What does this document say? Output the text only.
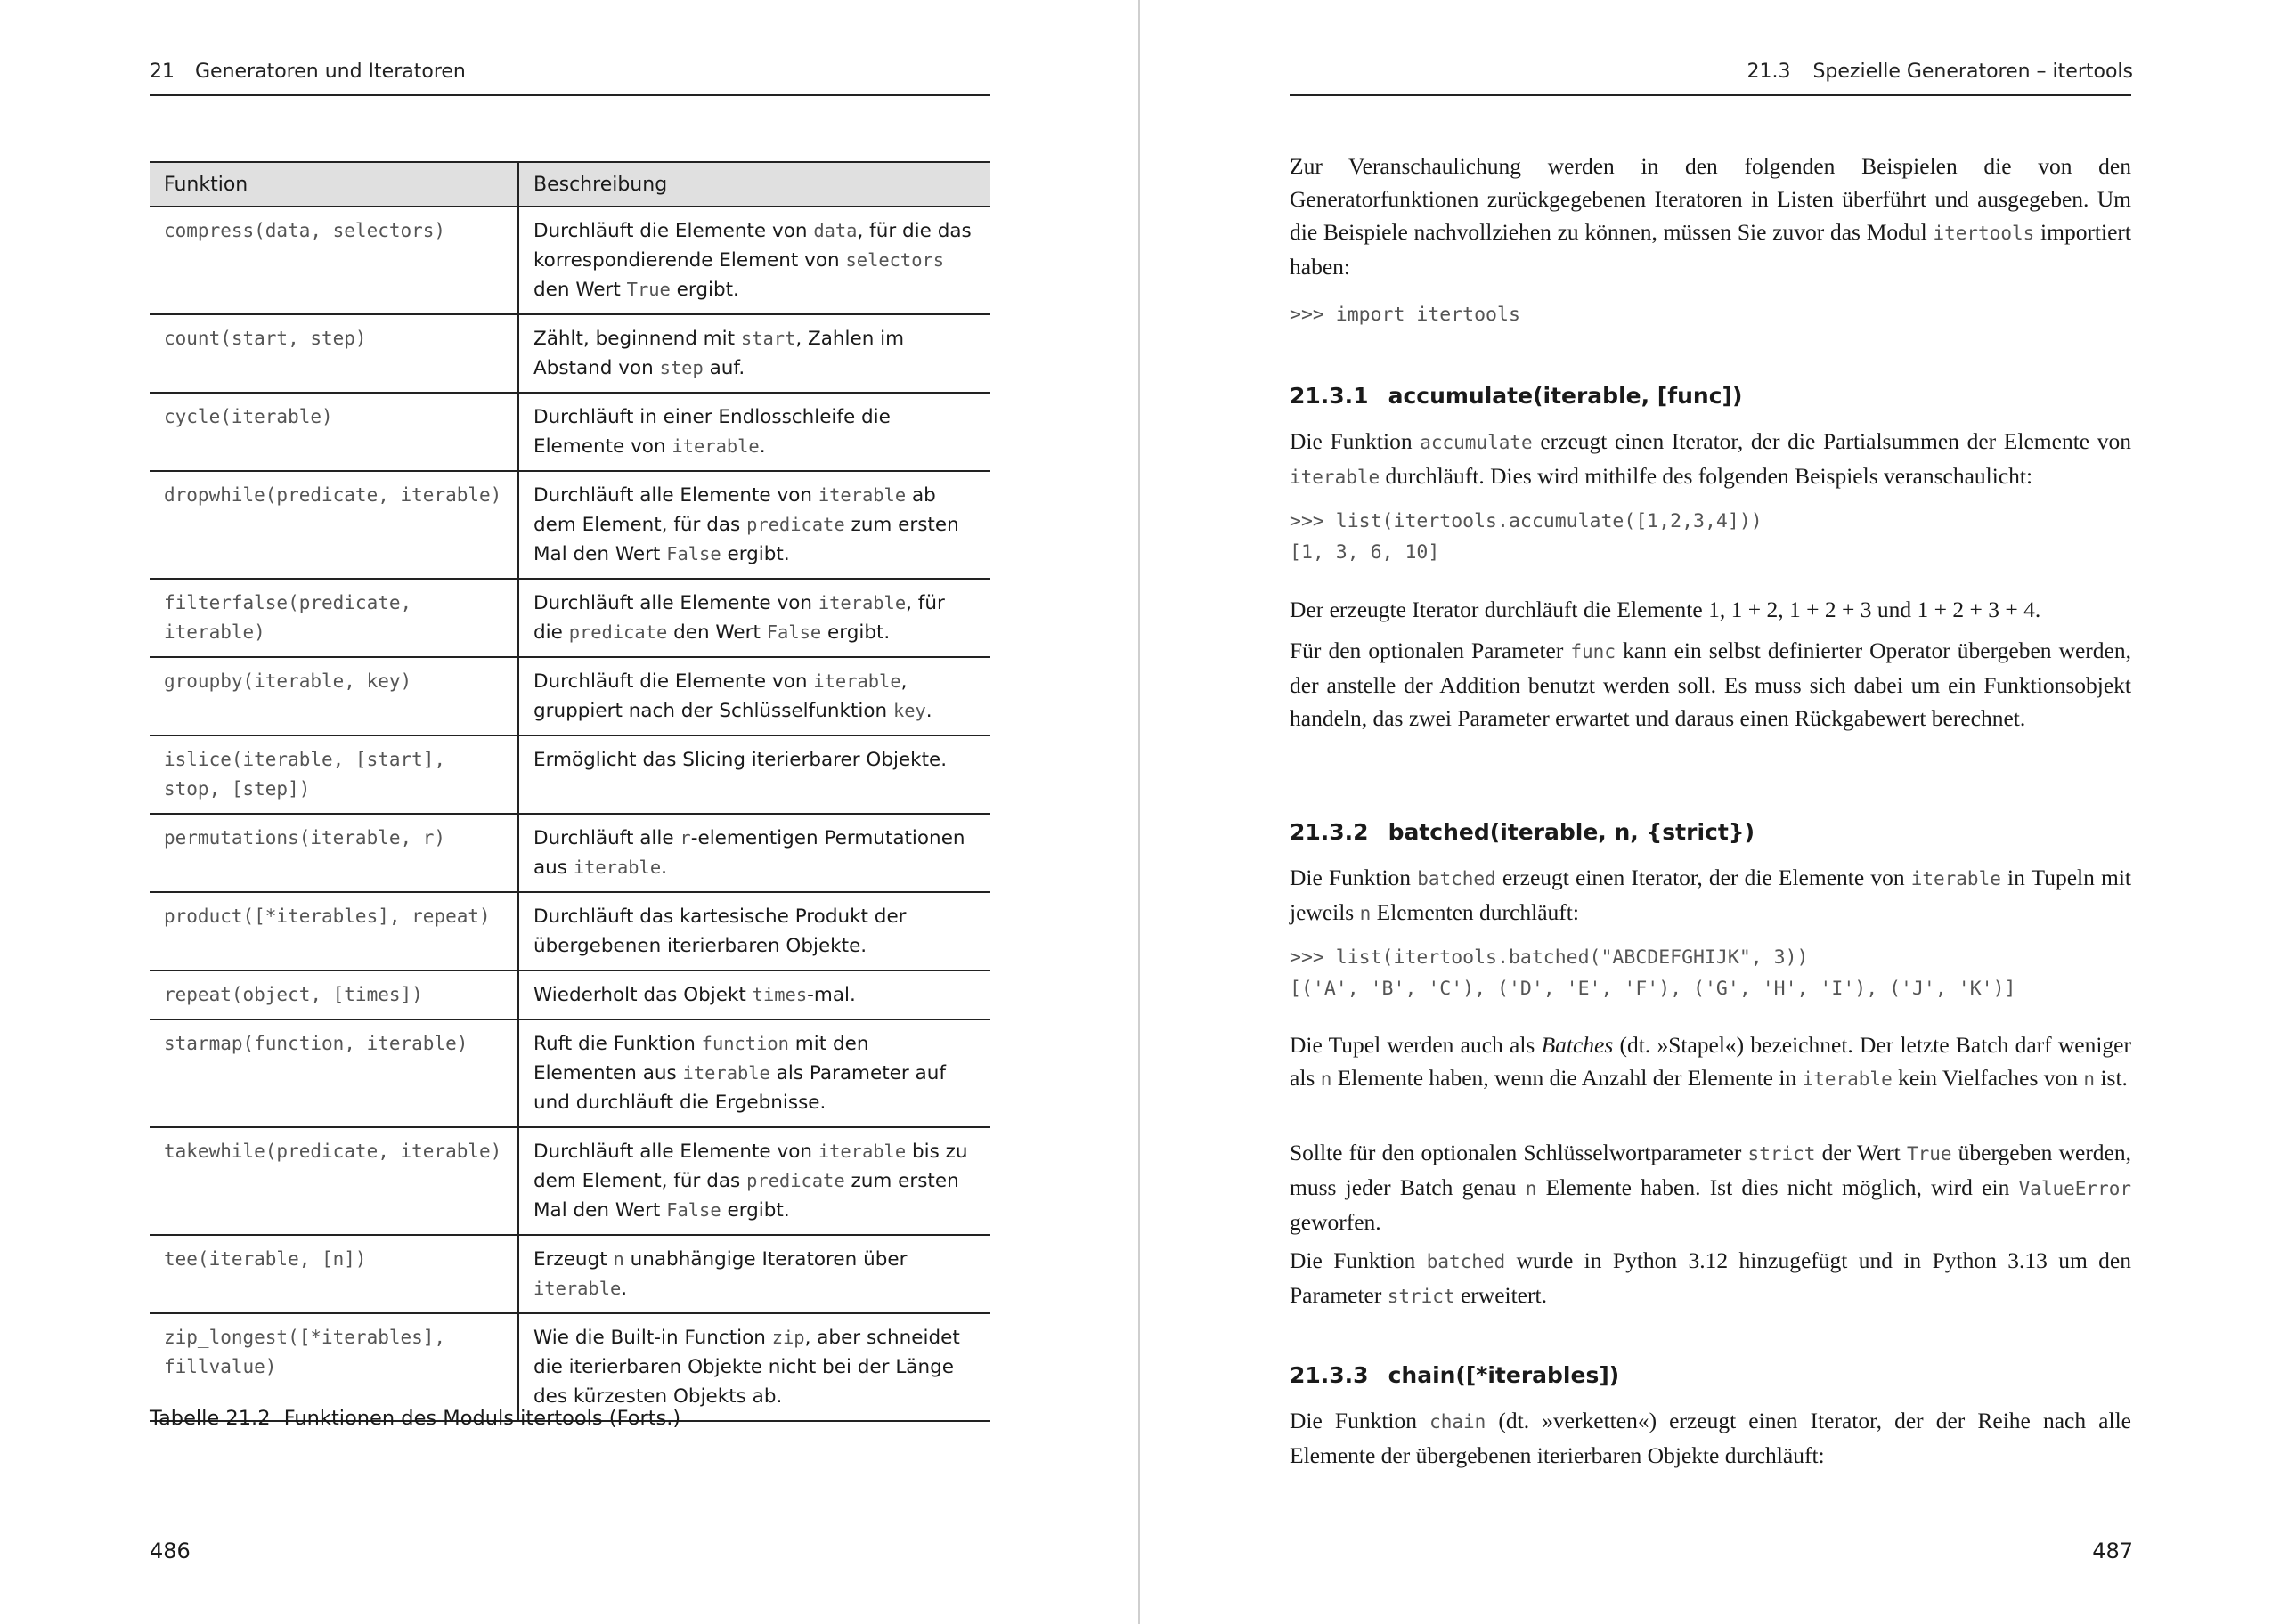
21 Generatoren und Iteratoren
Funktion	Beschreibung
compress(data, selectors)	Durchläuft die Elemente von data, für die das korrespondierende Element von selectors den Wert True ergibt.
count(start, step)	Zählt, beginnend mit start, Zahlen im Abstand von step auf.
cycle(iterable)	Durchläuft in einer Endlosschleife die Elemente von iterable.
dropwhile(predicate, iterable)	Durchläuft alle Elemente von iterable ab dem Element, für das predicate zum ersten Mal den Wert False ergibt.
filterfalse(predicate, iterable)	Durchläuft alle Elemente von iterable, für die predicate den Wert False ergibt.
groupby(iterable, key)	Durchläuft die Elemente von iterable, gruppiert nach der Schlüsselfunktion key.
islice(iterable, [start], stop, [step])	Ermöglicht das Slicing iterierbarer Objekte.
permutations(iterable, r)	Durchläuft alle r-elementigen Permutationen aus iterable.
product([*iterables], repeat)	Durchläuft das kartesische Produkt der übergebenen iterierbaren Objekte.
repeat(object, [times])	Wiederholt das Objekt times-mal.
starmap(function, iterable)	Ruft die Funktion function mit den Elementen aus iterable als Parameter auf und durchläuft die Ergebnisse.
takewhile(predicate, iterable)	Durchläuft alle Elemente von iterable bis zu dem Element, für das predicate zum ersten Mal den Wert False ergibt.
tee(iterable, [n])	Erzeugt n unabhängige Iteratoren über iterable.
zip_longest([*iterables], fillvalue)	Wie die Built-in Function zip, aber schneidet die iterierbaren Objekte nicht bei der Länge des kürzesten Objekts ab.
Tabelle 21.2 Funktionen des Moduls itertools (Forts.)
486
21.3 Spezielle Generatoren – itertools

Zur Veranschaulichung werden in den folgenden Beispielen die von den Generatorfunktionen zurückgegebenen Iteratoren in Listen überführt und ausgegeben. Um die Beispiele nachvollziehen zu können, müssen Sie zuvor das Modul itertools importiert haben:

>>> import itertools
21.3.1 accumulate(iterable, [func])

Die Funktion accumulate erzeugt einen Iterator, der die Partialsummen der Elemente von iterable durchläuft. Dies wird mithilfe des folgenden Beispiels veranschaulicht:

>>> list(itertools.accumulate([1,2,3,4]))
[1, 3, 6, 10]

Der erzeugte Iterator durchläuft die Elemente 1, 1 + 2, 1 + 2 + 3 und 1 + 2 + 3 + 4.

Für den optionalen Parameter func kann ein selbst definierter Operator übergeben werden, der anstelle der Addition benutzt werden soll. Es muss sich dabei um ein Funktionsobjekt handeln, das zwei Parameter erwartet und daraus einen Rückgabewert berechnet.

21.3.2 batched(iterable, n, {strict})

Die Funktion batched erzeugt einen Iterator, der die Elemente von iterable in Tupeln mit jeweils n Elementen durchläuft:

>>> list(itertools.batched("ABCDEFGHIJK", 3))
[('A', 'B', 'C'), ('D', 'E', 'F'), ('G', 'H', 'I'), ('J', 'K')]

Die Tupel werden auch als Batches (dt. »Stapel«) bezeichnet. Der letzte Batch darf weniger als n Elemente haben, wenn die Anzahl der Elemente in iterable kein Vielfaches von n ist.

Sollte für den optionalen Schlüsselwortparameter strict der Wert True übergeben werden, muss jeder Batch genau n Elemente haben. Ist dies nicht möglich, wird ein ValueError geworfen.

Die Funktion batched wurde in Python 3.12 hinzugefügt und in Python 3.13 um den Parameter strict erweitert.

21.3.3 chain([*iterables])

Die Funktion chain (dt. »verketten«) erzeugt einen Iterator, der der Reihe nach alle Elemente der übergebenen iterierbaren Objekte durchläuft:

487
